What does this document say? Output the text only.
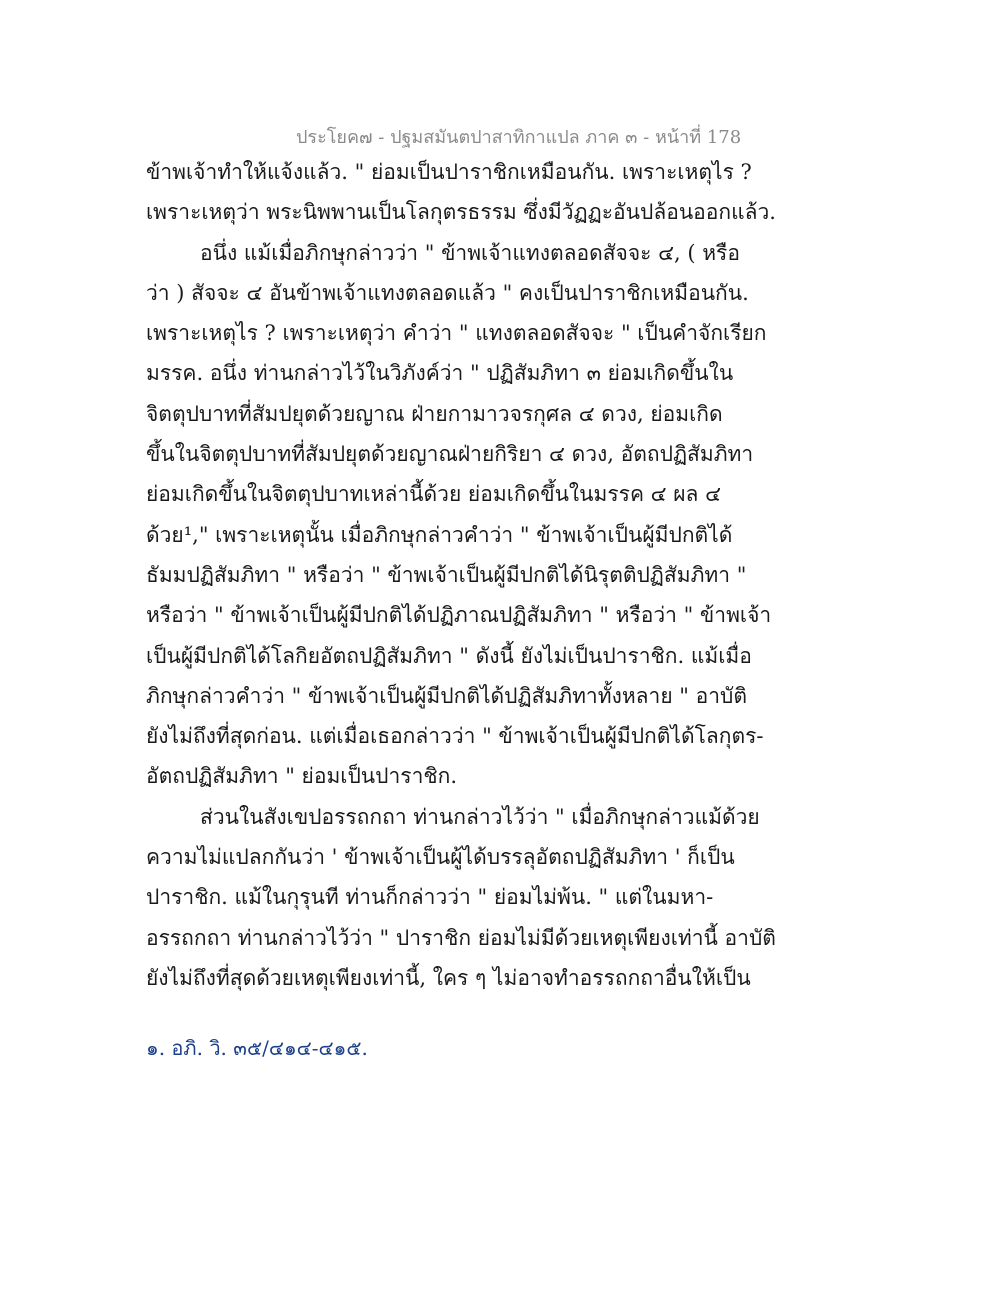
ประโยค๗ - ปฐมสมันตปาสาทิกาแปล ภาค ๓ - หน้าที่ 178
ข้าพเจ้าทำให้แจ้งแล้ว. " ย่อมเป็นปาราชิกเหมือนกัน. เพราะเหตุไร ?
เพราะเหตุว่า พระนิพพานเป็นโลกุตรธรรม ซึ่งมีวัฏฏะอันปล้อนออกแล้ว.
อนึ่ง แม้เมื่อภิกษุกล่าวว่า " ข้าพเจ้าแทงตลอดสัจจะ ๔, ( หรือ
ว่า ) สัจจะ ๔ อันข้าพเจ้าแทงตลอดแล้ว " คงเป็นปาราชิกเหมือนกัน.
เพราะเหตุไร ? เพราะเหตุว่า คำว่า " แทงตลอดสัจจะ " เป็นคำจักเรียก
มรรค. อนึ่ง ท่านกล่าวไว้ในวิภังค์ว่า " ปฏิสัมภิทา ๓ ย่อมเกิดขึ้นใน
จิตตุปบาทที่สัมปยุตด้วยญาณ ฝ่ายกามาวจรกุศล ๔ ดวง, ย่อมเกิด
ขึ้นในจิตตุปบาทที่สัมปยุตด้วยญาณฝ่ายกิริยา ๔ ดวง, อัตถปฏิสัมภิทา
ย่อมเกิดขึ้นในจิตตุปบาทเหล่านี้ด้วย ย่อมเกิดขึ้นในมรรค ๔ ผล ๔
ด้วย¹," เพราะเหตุนั้น เมื่อภิกษุกล่าวคำว่า " ข้าพเจ้าเป็นผู้มีปกติได้
ธัมมปฏิสัมภิทา " หรือว่า " ข้าพเจ้าเป็นผู้มีปกติได้นิรุตติปฏิสัมภิทา "
หรือว่า " ข้าพเจ้าเป็นผู้มีปกติได้ปฏิภาณปฏิสัมภิทา " หรือว่า " ข้าพเจ้า
เป็นผู้มีปกติได้โลกิยอัตถปฏิสัมภิทา " ดังนี้ ยังไม่เป็นปาราชิก. แม้เมื่อ
ภิกษุกล่าวคำว่า " ข้าพเจ้าเป็นผู้มีปกติได้ปฏิสัมภิทาทั้งหลาย " อาบัติ
ยังไม่ถึงที่สุดก่อน. แต่เมื่อเธอกล่าวว่า " ข้าพเจ้าเป็นผู้มีปกติได้โลกุตร-
อัตถปฏิสัมภิทา " ย่อมเป็นปาราชิก.
ส่วนในสังเขปอรรถกถา ท่านกล่าวไว้ว่า " เมื่อภิกษุกล่าวแม้ด้วย
ความไม่แปลกกันว่า ' ข้าพเจ้าเป็นผู้ได้บรรลุอัตถปฏิสัมภิทา ' ก็เป็น
ปาราชิก. แม้ในกุรุนที ท่านก็กล่าวว่า " ย่อมไม่พ้น. " แต่ในมหา-
อรรถกถา ท่านกล่าวไว้ว่า " ปาราชิก ย่อมไม่มีด้วยเหตุเพียงเท่านี้ อาบัติ
ยังไม่ถึงที่สุดด้วยเหตุเพียงเท่านี้, ใคร ๆ ไม่อาจทำอรรถกถาอื่นให้เป็น
๑. อภิ. วิ. ๓๕/๔๑๔-๔๑๕.
